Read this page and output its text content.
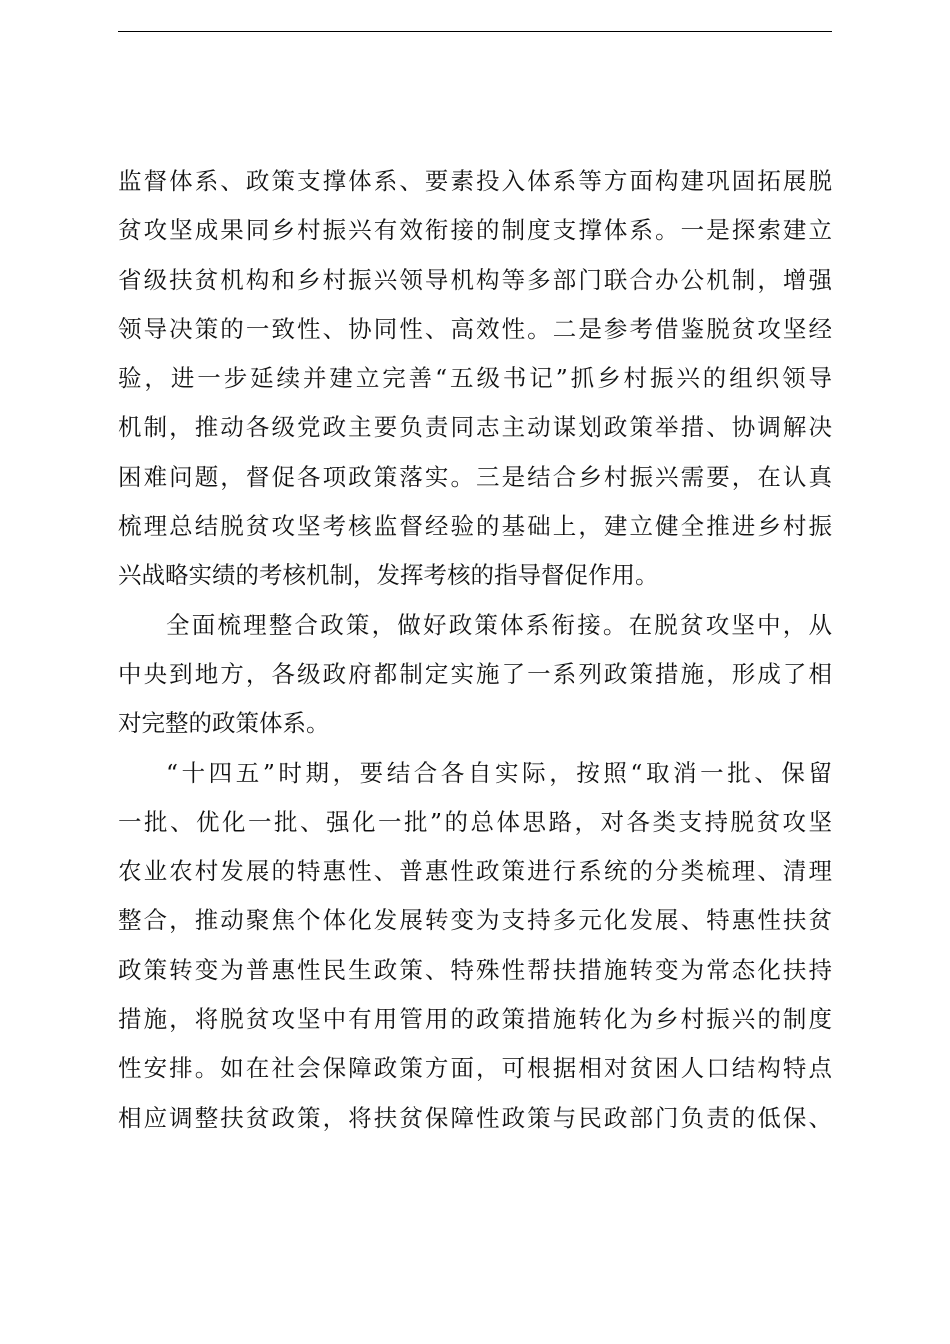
监督体系、政策支撑体系、要素投入体系等方面构建巩固拓展脱
贫攻坚成果同乡村振兴有效衔接的制度支撑体系。一是探索建立
省级扶贫机构和乡村振兴领导机构等多部门联合办公机制，增强
领导决策的一致性、协同性、高效性。二是参考借鉴脱贫攻坚经
验，进一步延续并建立完善“五级书记”抓乡村振兴的组织领导
机制，推动各级党政主要负责同志主动谋划政策举措、协调解决
困难问题，督促各项政策落实。三是结合乡村振兴需要，在认真
梳理总结脱贫攻坚考核监督经验的基础上，建立健全推进乡村振
兴战略实绩的考核机制，发挥考核的指导督促作用。
全面梳理整合政策，做好政策体系衔接。在脱贫攻坚中，从
中央到地方，各级政府都制定实施了一系列政策措施，形成了相
对完整的政策体系。
“十四五”时期，要结合各自实际，按照“取消一批、保留
一批、优化一批、强化一批”的总体思路，对各类支持脱贫攻坚
农业农村发展的特惠性、普惠性政策进行系统的分类梳理、清理
整合，推动聚焦个体化发展转变为支持多元化发展、特惠性扶贫
政策转变为普惠性民生政策、特殊性帮扶措施转变为常态化扶持
措施，将脱贫攻坚中有用管用的政策措施转化为乡村振兴的制度
性安排。如在社会保障政策方面，可根据相对贫困人口结构特点
相应调整扶贫政策，将扶贫保障性政策与民政部门负责的低保、
